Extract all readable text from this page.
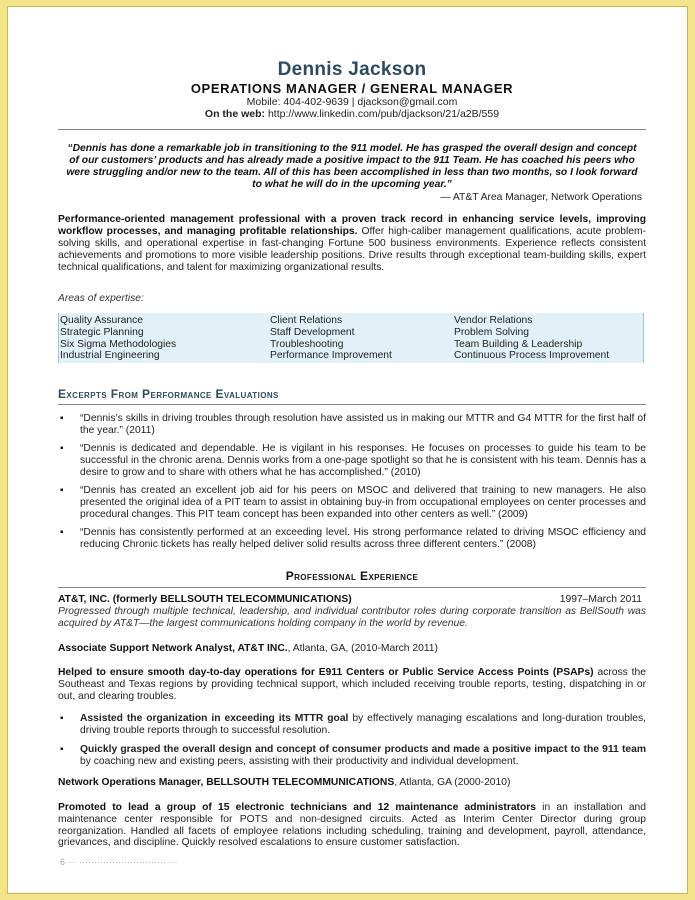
Dennis Jackson
OPERATIONS MANAGER / GENERAL MANAGER
Mobile: 404-402-9639 | djackson@gmail.com
On the web: http://www.linkedin.com/pub/djackson/21/a2B/559
“Dennis has done a remarkable job in transitioning to the 911 model. He has grasped the overall design and concept of our customers’ products and has already made a positive impact to the 911 Team. He has coached his peers who were struggling and/or new to the team. All of this has been accomplished in less than two months, so I look forward to what he will do in the upcoming year.”
— AT&T Area Manager, Network Operations
Performance-oriented management professional with a proven track record in enhancing service levels, improving workflow processes, and managing profitable relationships. Offer high-caliber management qualifications, acute problem-solving skills, and operational expertise in fast-changing Fortune 500 business environments. Experience reflects consistent achievements and promotions to more visible leadership positions. Drive results through exceptional team-building skills, expert technical qualifications, and talent for maximizing organizational results.
Areas of expertise:
Quality Assurance
Strategic Planning
Six Sigma Methodologies
Industrial Engineering
Client Relations
Staff Development
Troubleshooting
Performance Improvement
Vendor Relations
Problem Solving
Team Building & Leadership
Continuous Process Improvement
Excerpts From Performance Evaluations
▪ “Dennis’s skills in driving troubles through resolution have assisted us in making our MTTR and G4 MTTR for the first half of the year.” (2011)
▪ “Dennis is dedicated and dependable. He is vigilant in his responses. He focuses on processes to guide his team to be successful in the chronic arena. Dennis works from a one-page spotlight so that he is consistent with his team. Dennis has a desire to grow and to share with others what he has accomplished.” (2010)
▪ “Dennis has created an excellent job aid for his peers on MSOC and delivered that training to new managers. He also presented the original idea of a PIT team to assist in obtaining buy-in from occupational employees on center processes and procedural changes. This PIT team concept has been expanded into other centers as well.” (2009)
▪ “Dennis has consistently performed at an exceeding level. His strong performance related to driving MSOC efficiency and reducing Chronic tickets has really helped deliver solid results across three different centers.” (2008)
Professional Experience
AT&T, INC. (formerly BELLSOUTH TELECOMMUNICATIONS)	1997–March 2011
Progressed through multiple technical, leadership, and individual contributor roles during corporate transition as BellSouth was acquired by AT&T—the largest communications holding company in the world by revenue.
Associate Support Network Analyst, AT&T INC., Atlanta, GA, (2010-March 2011)
Helped to ensure smooth day-to-day operations for E911 Centers or Public Service Access Points (PSAPs) across the Southeast and Texas regions by providing technical support, which included receiving trouble reports, testing, dispatching in or out, and clearing troubles.
▪ Assisted the organization in exceeding its MTTR goal by effectively managing escalations and long-duration troubles, driving trouble reports through to successful resolution.
▪ Quickly grasped the overall design and concept of consumer products and made a positive impact to the 911 team by coaching new and existing peers, assisting with their productivity and individual development.
Network Operations Manager, BELLSOUTH TELECOMMUNICATIONS, Atlanta, GA (2000-2010)
Promoted to lead a group of 15 electronic technicians and 12 maintenance administrators in an installation and maintenance center responsible for POTS and non-designed circuits. Acted as Interim Center Director during group reorganization. Handled all facets of employee relations including scheduling, training and development, payroll, attendance, grievances, and discipline. Quickly resolved escalations to ensure customer satisfaction.
6 ··· ····························· ···
